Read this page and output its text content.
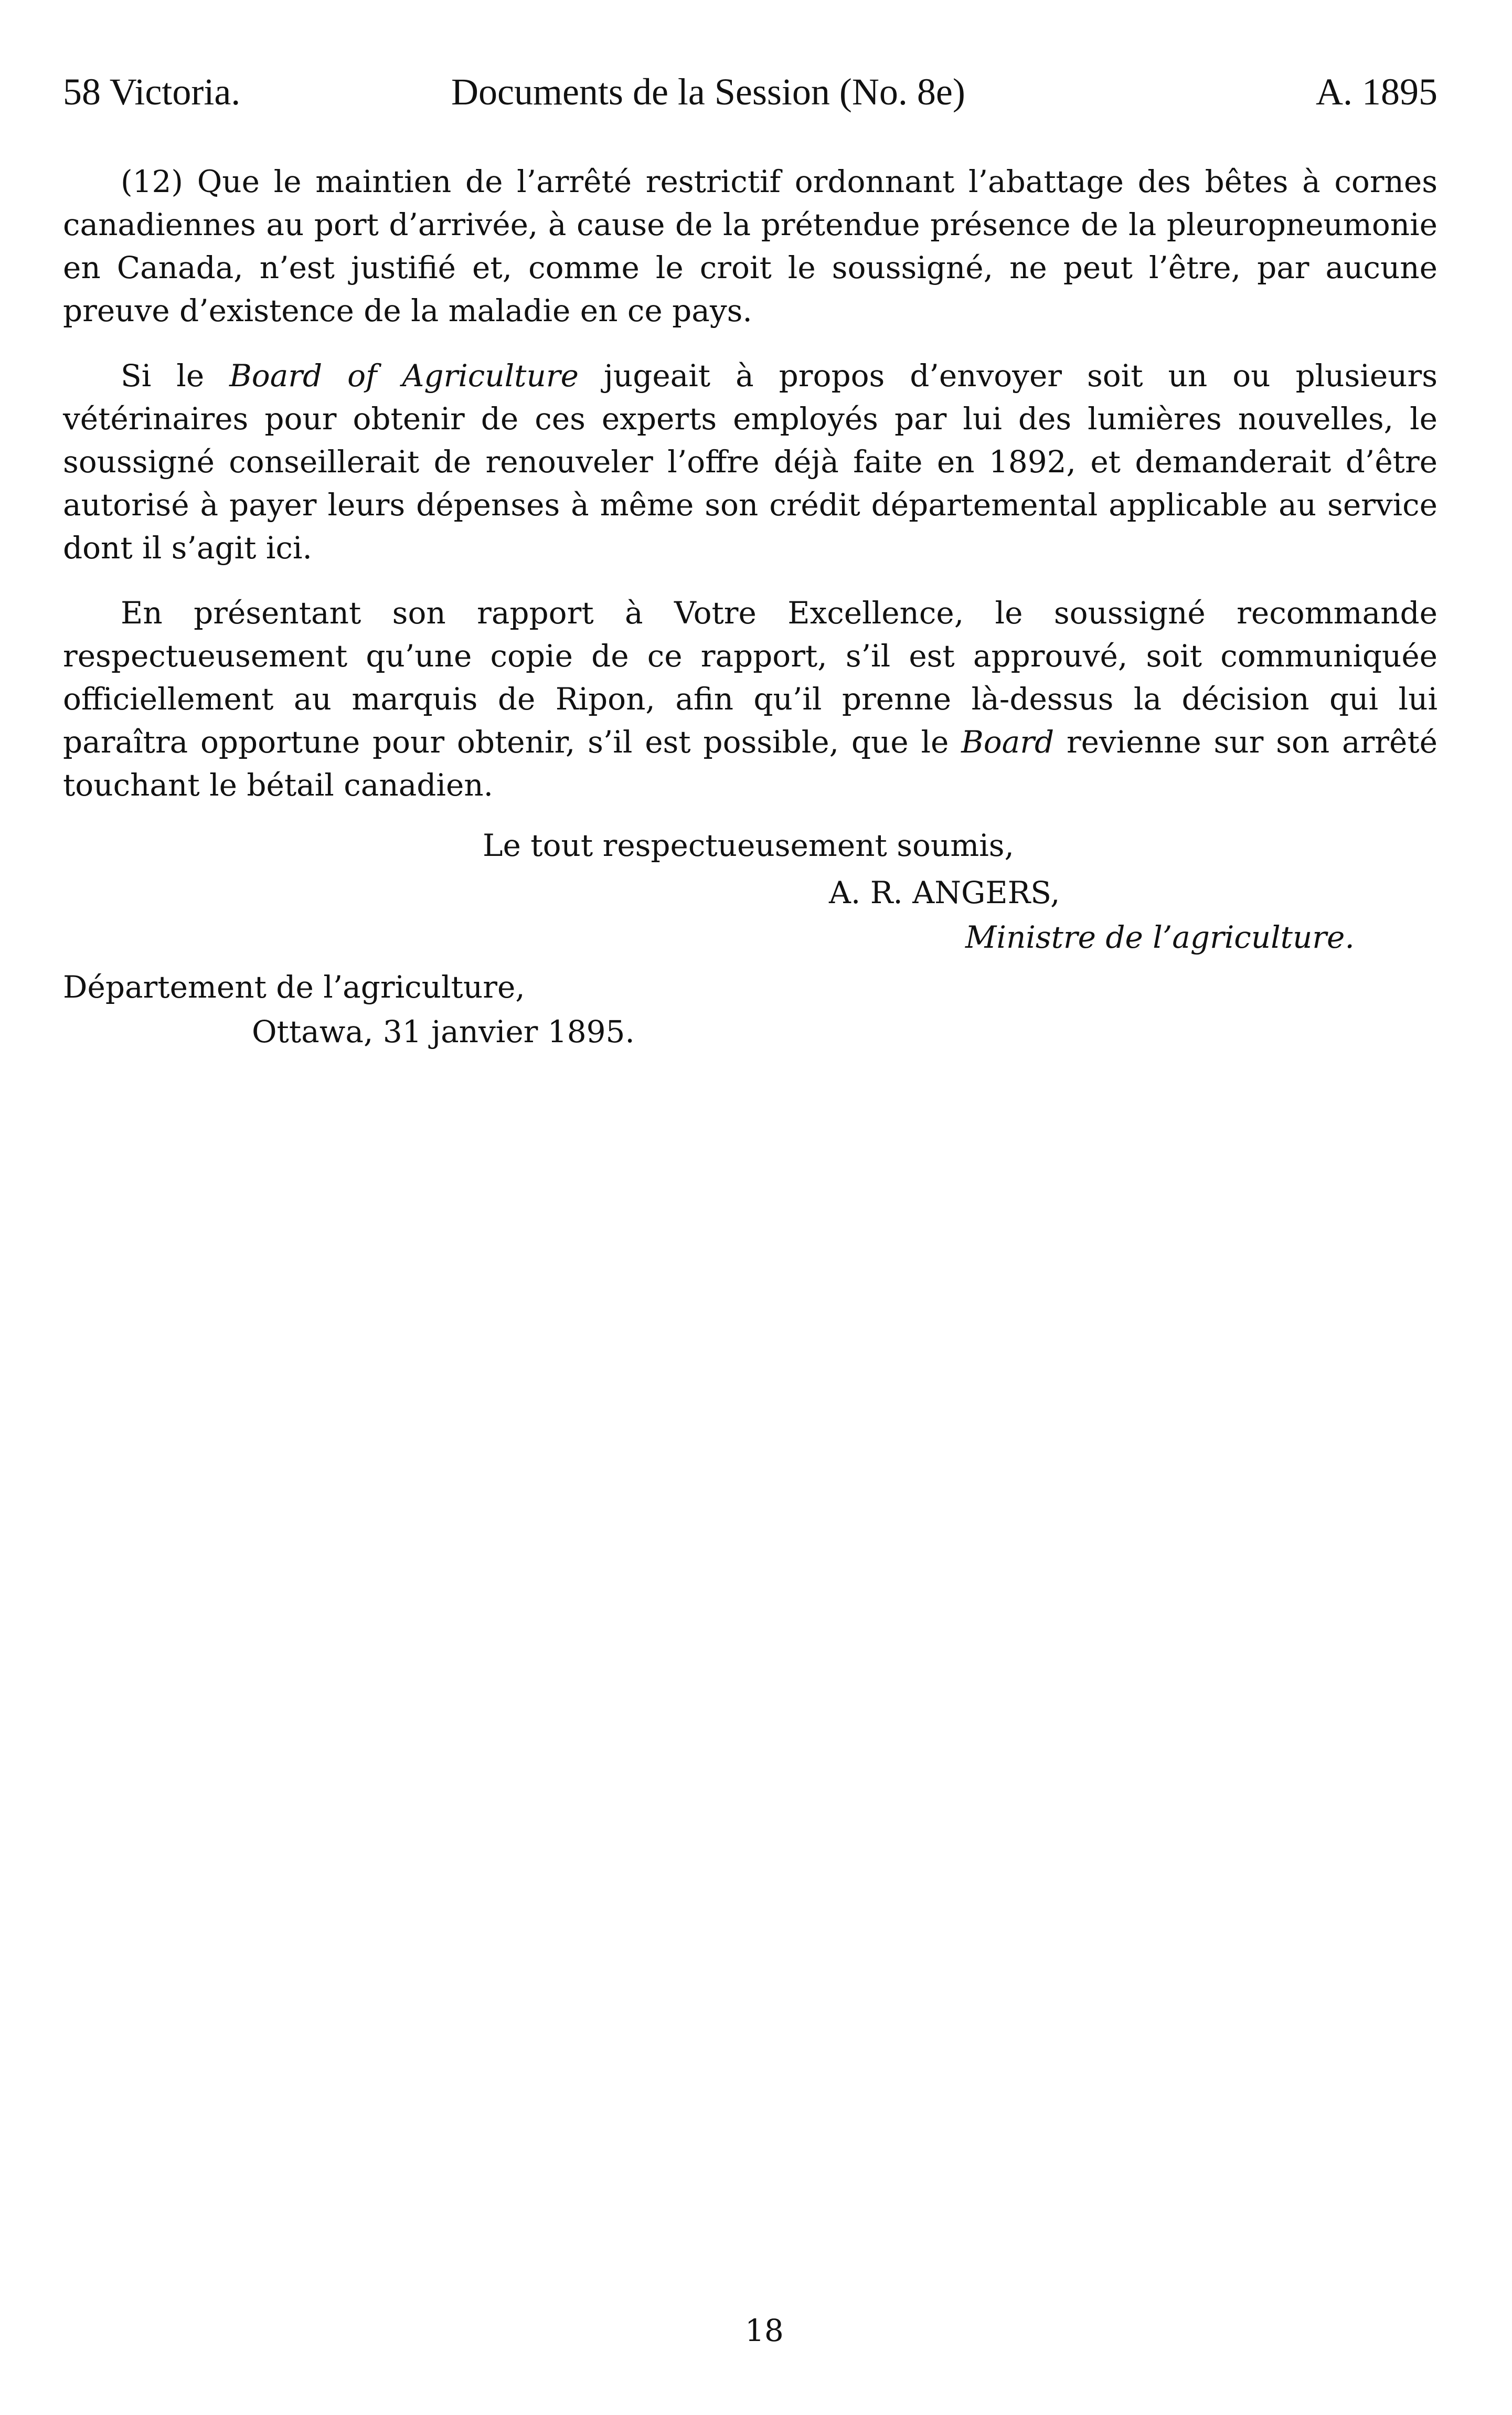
58 Victoria.	Documents de la Session (No. 8e)	A. 1895

(12) Que le maintien de l’arrêté restrictif ordonnant l’abattage des bêtes à cornes canadiennes au port d’arrivée, à cause de la prétendue présence de la pleuropneumonie en Canada, n’est justifié et, comme le croit le soussigné, ne peut l’être, par aucune preuve d’existence de la maladie en ce pays.

Si le Board of Agriculture jugeait à propos d’envoyer soit un ou plusieurs vétérinaires pour obtenir de ces experts employés par lui des lumières nouvelles, le soussigné conseillerait de renouveler l’offre déjà faite en 1892, et demanderait d’être autorisé à payer leurs dépenses à même son crédit départemental applicable au service dont il s’agit ici.

En présentant son rapport à Votre Excellence, le soussigné recommande respectueusement qu’une copie de ce rapport, s’il est approuvé, soit communiquée officiellement au marquis de Ripon, afin qu’il prenne là-dessus la décision qui lui paraîtra opportune pour obtenir, s’il est possible, que le Board revienne sur son arrêté touchant le bétail canadien.

Le tout respectueusement soumis,
A. R. ANGERS,
Ministre de l’agriculture.
Département de l’agriculture,
Ottawa, 31 janvier 1895.
18
